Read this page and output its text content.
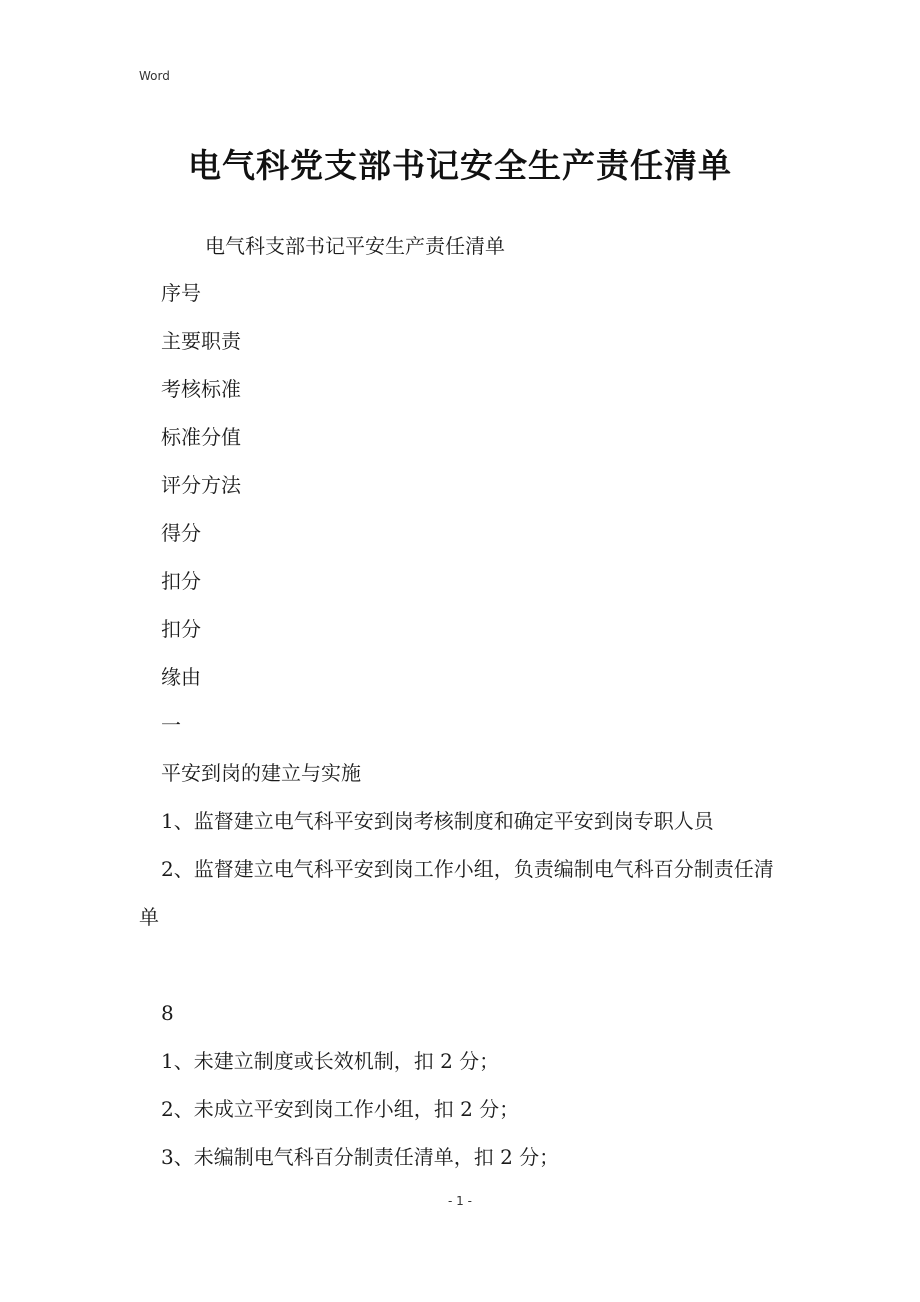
Word
电气科党支部书记安全生产责任清单
电气科支部书记平安生产责任清单

序号

主要职责

考核标准

标准分值

评分方法

得分

扣分

扣分

缘由

一

平安到岗的建立与实施

1、监督建立电气科平安到岗考核制度和确定平安到岗专职人员

2、监督建立电气科平安到岗工作小组，负责编制电气科百分制责任清单

8

1、未建立制度或长效机制，扣 2 分；

2、未成立平安到岗工作小组，扣 2 分；

3、未编制电气科百分制责任清单，扣 2 分；

- 1 -
